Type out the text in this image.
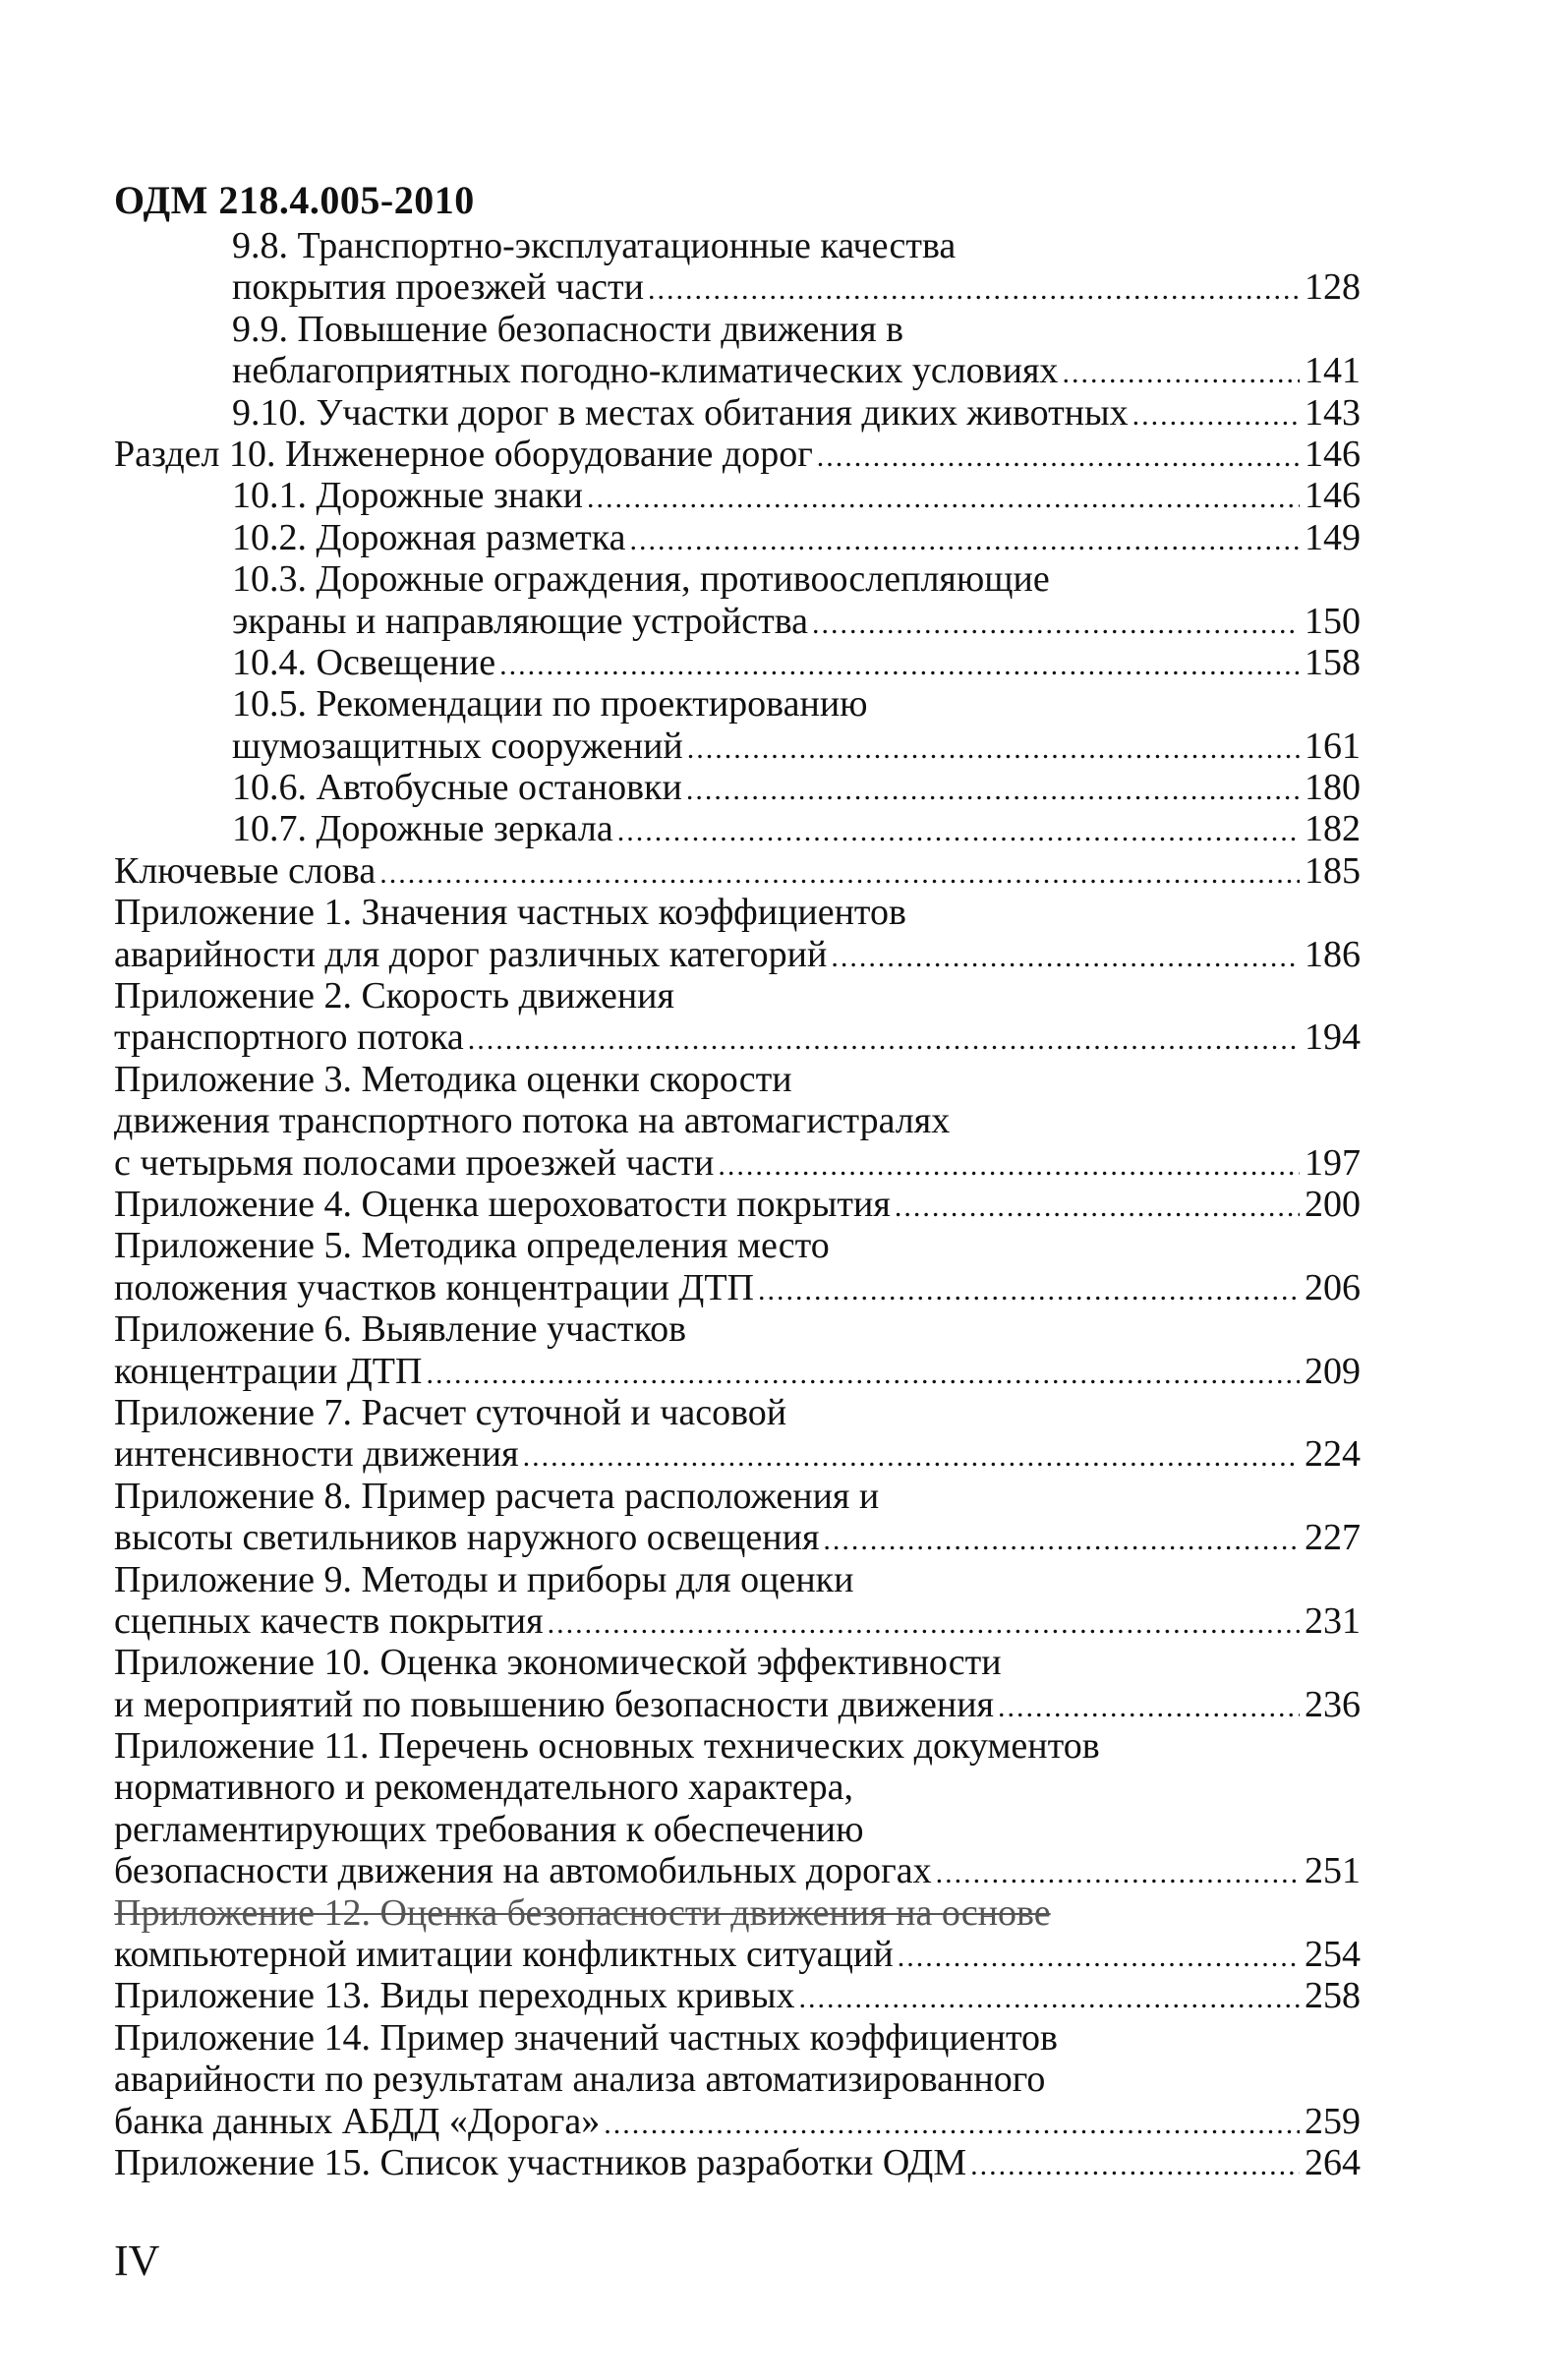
ОДМ 218.4.005-2010
9.8. Транспортно-эксплуатационные качества
покрытия проезжей части .....	128
9.9. Повышение безопасности движения в
неблагоприятных погодно-климатических условиях .....	141
9.10. Участки дорог в местах обитания диких животных .....	143
Раздел 10. Инженерное оборудование дорог .....	146
10.1. Дорожные знаки .....	146
10.2. Дорожная разметка .....	149
10.3. Дорожные ограждения, противоослепляющие
экраны и направляющие устройства .....	150
10.4. Освещение .....	158
10.5. Рекомендации по проектированию
шумозащитных сооружений .....	161
10.6. Автобусные остановки .....	180
10.7. Дорожные зеркала .....	182
Ключевые слова .....	185
Приложение 1. Значения частных коэффициентов
аварийности для дорог различных категорий .....	186
Приложение 2. Скорость движения
транспортного потока .....	194
Приложение 3. Методика оценки скорости
движения транспортного потока на автомагистралях
с четырьмя полосами проезжей части .....	197
Приложение 4. Оценка шероховатости покрытия .....	200
Приложение 5. Методика определения место
положения участков концентрации ДТП .....	206
Приложение 6. Выявление участков
концентрации ДТП .....	209
Приложение 7. Расчет суточной и часовой
интенсивности движения .....	224
Приложение 8. Пример расчета расположения и
высоты светильников наружного освещения .....	227
Приложение 9. Методы и приборы для оценки
сцепных качеств покрытия .....	231
Приложение 10. Оценка экономической эффективности
и мероприятий по повышению безопасности движения .....	236
Приложение 11. Перечень основных технических документов
нормативного и рекомендательного характера,
регламентирующих требования к обеспечению
безопасности движения на автомобильных дорогах .....	251
Приложение 12. Оценка безопасности движения на основе
компьютерной имитации конфликтных ситуаций .....	254
Приложение 13. Виды переходных кривых .....	258
Приложение 14. Пример значений частных коэффициентов
аварийности по результатам анализа автоматизированного
банка данных АБДД «Дорога» .....	259
Приложение 15. Список участников разработки ОДМ .....	264
IV
